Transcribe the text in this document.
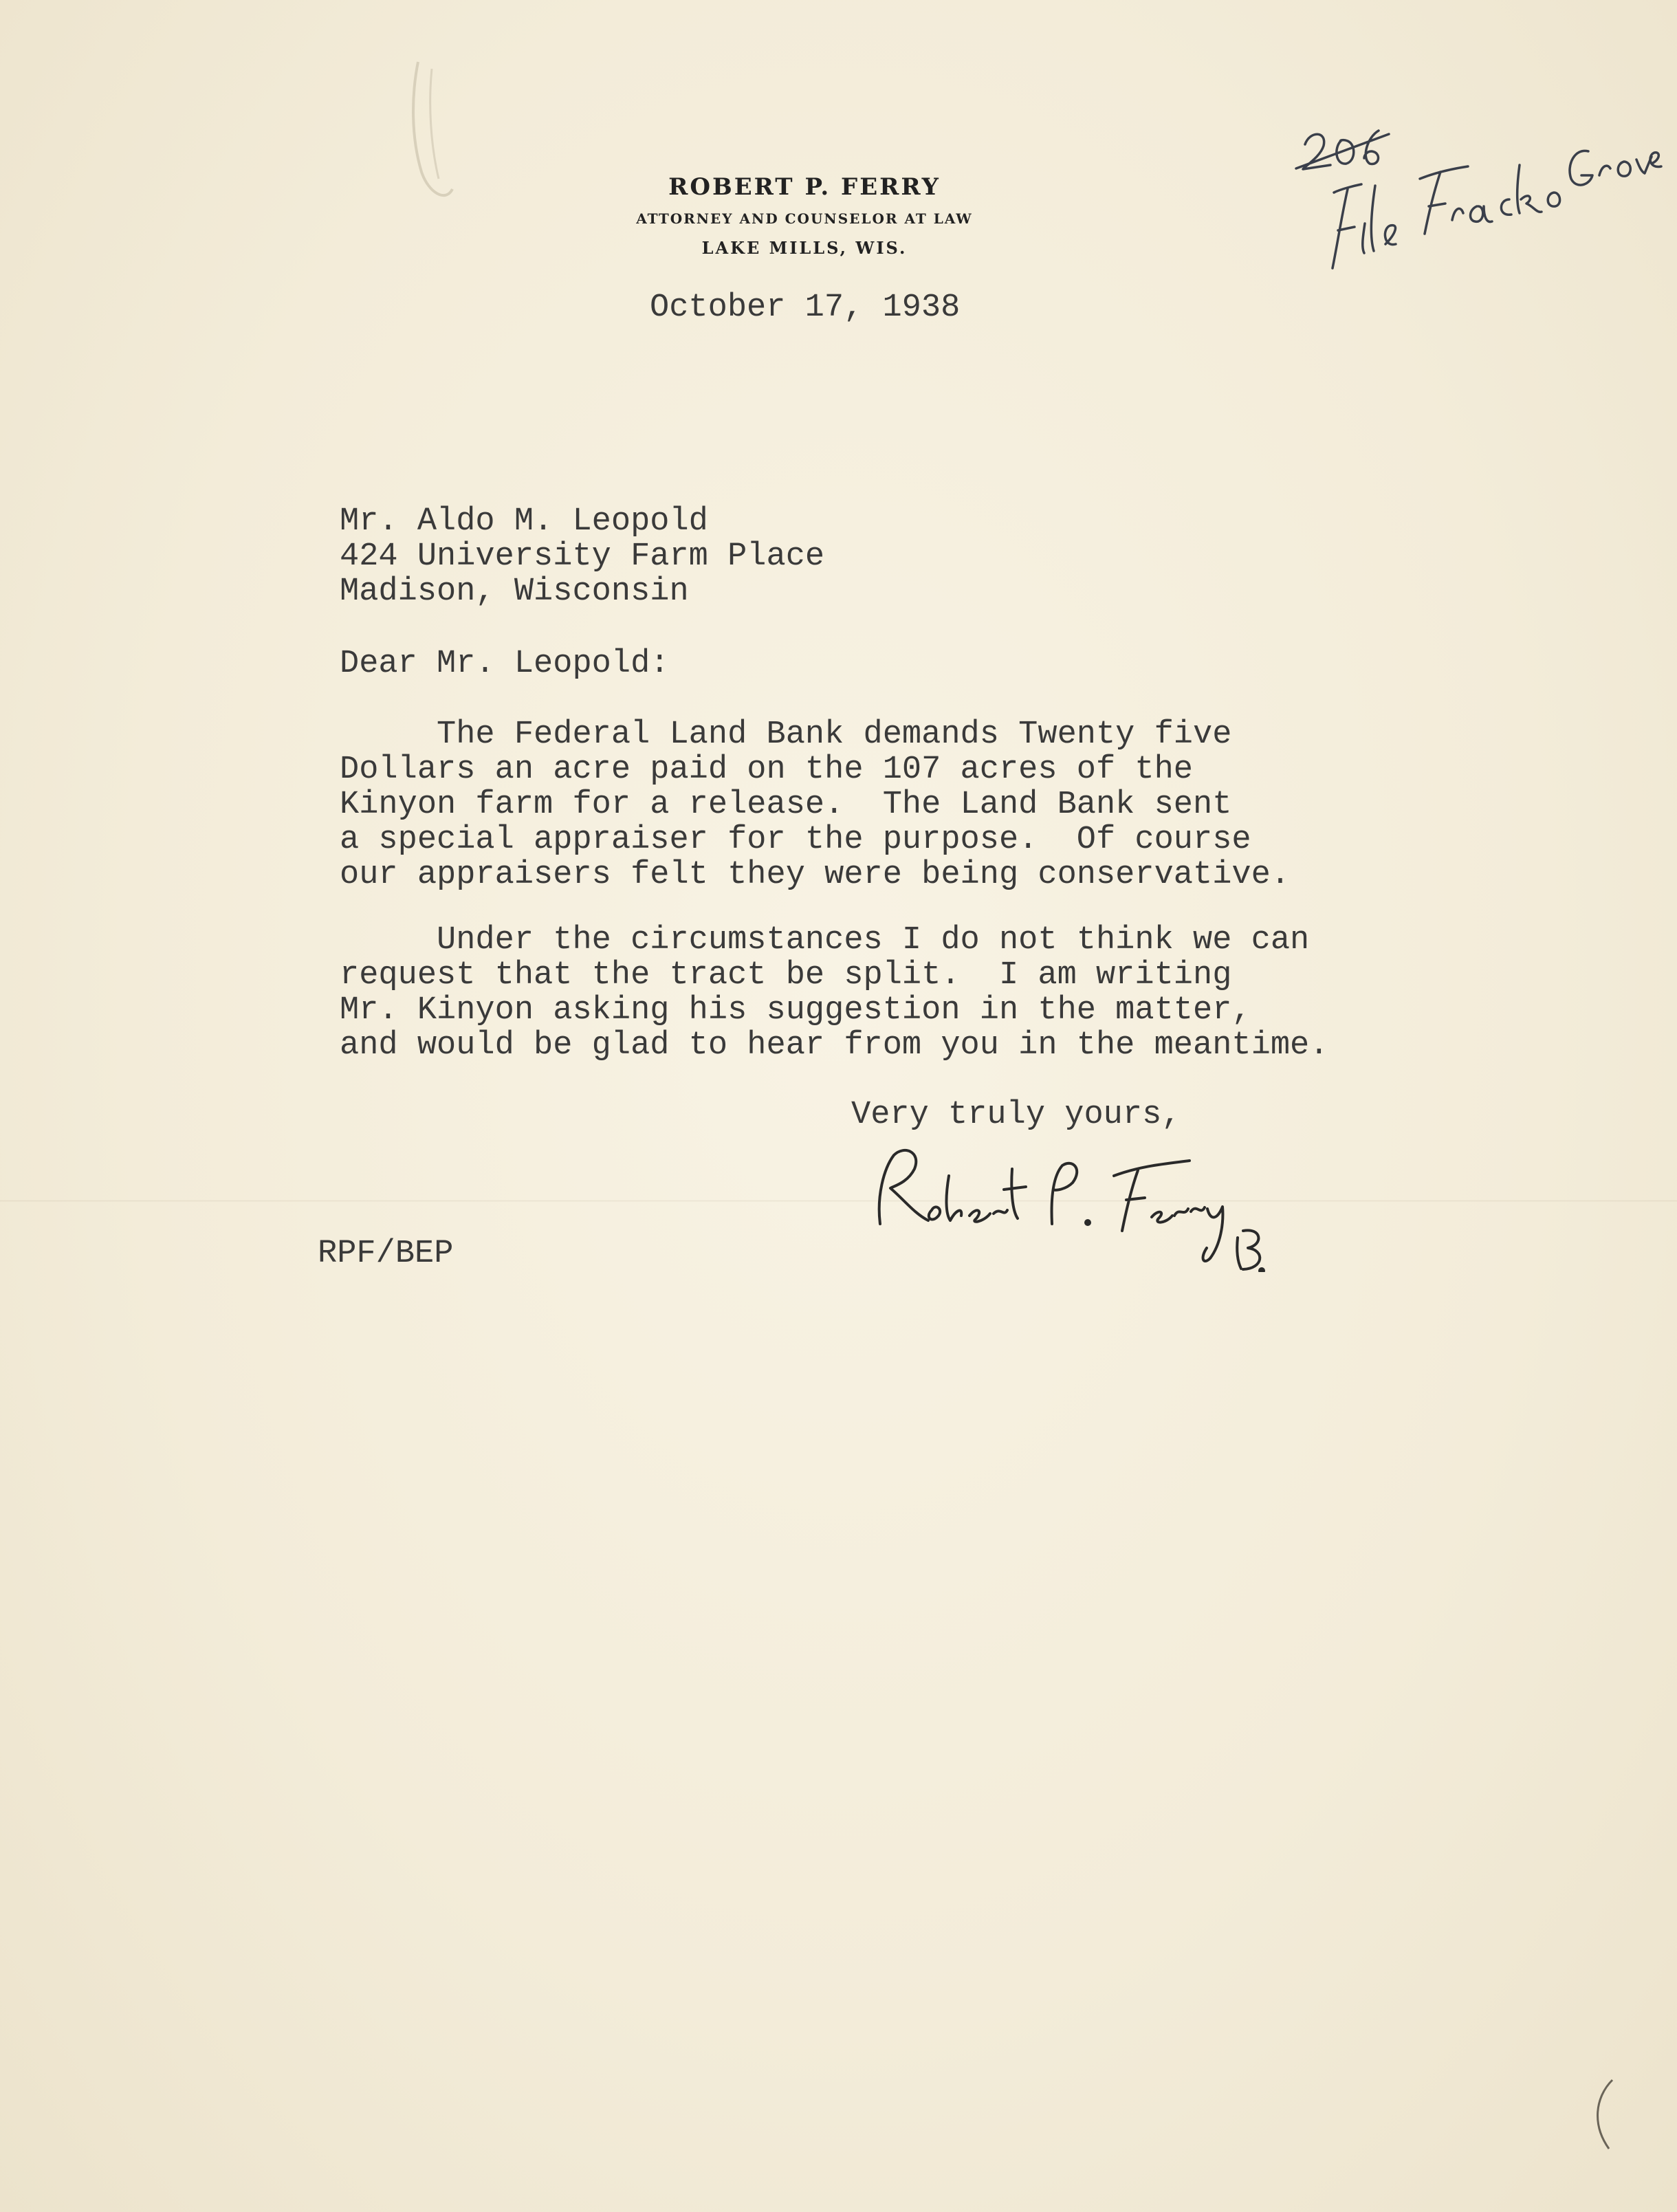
ROBERT P. FERRY
ATTORNEY AND COUNSELOR AT LAW
LAKE MILLS, WIS.
October 17, 1938
Mr. Aldo M. Leopold
424 University Farm Place
Madison, Wisconsin
Dear Mr. Leopold:
The Federal Land Bank demands Twenty five
Dollars an acre paid on the 107 acres of the
Kinyon farm for a release.  The Land Bank sent
a special appraiser for the purpose.  Of course
our appraisers felt they were being conservative.
Under the circumstances I do not think we can
request that the tract be split.  I am writing
Mr. Kinyon asking his suggestion in the matter,
and would be glad to hear from you in the meantime.
Very truly yours,
RPF/BEP
